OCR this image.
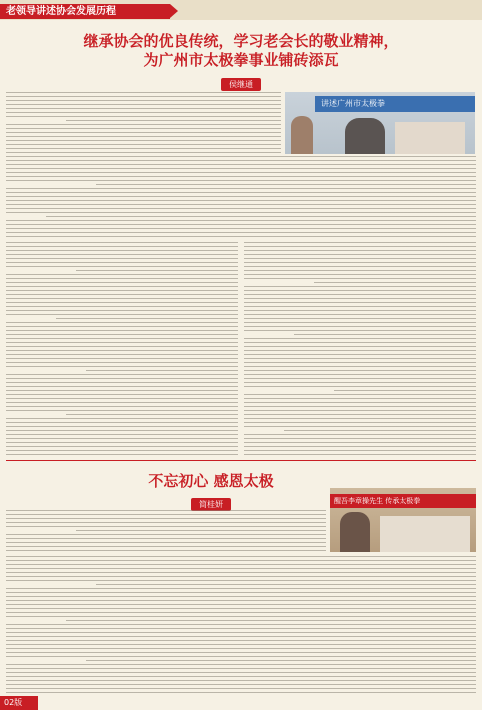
老领导讲述协会发展历程
继承协会的优良传统，学习老会长的敬业精神，
为广州市太极拳事业铺砖添瓦
侯继通
讲述广州市太极拳
不忘初心 感恩太极
简桂妍	醒吾李章操先生 传承太极拳
02版
